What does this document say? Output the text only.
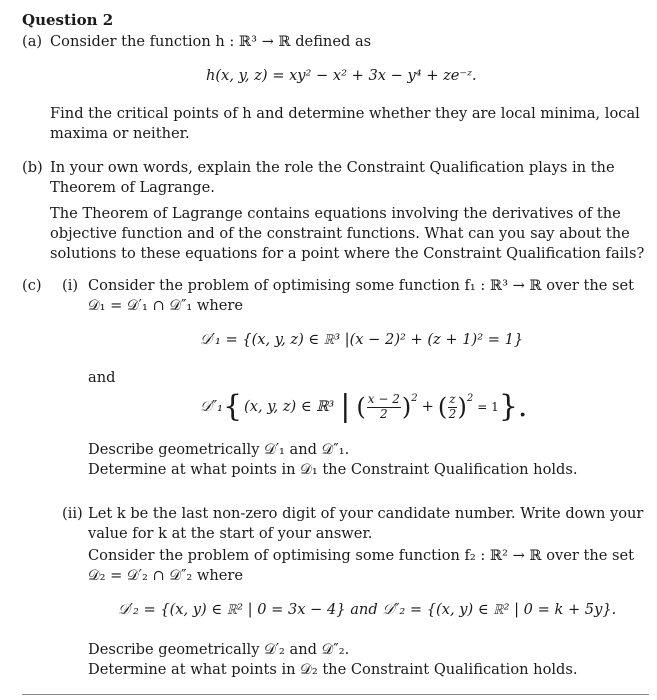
Question 2
(a) Consider the function h : ℝ³ → ℝ defined as
h(x, y, z) = xy² − x² + 3x − y⁴ + ze⁻ᶻ.
Find the critical points of h and determine whether they are local minima, local
maxima or neither.
(b) In your own words, explain the role the Constraint Qualification plays in the
Theorem of Lagrange.
The Theorem of Lagrange contains equations involving the derivatives of the
objective function and of the constraint functions. What can you say about the
solutions to these equations for a point where the Constraint Qualification fails?
(c) (i) Consider the problem of optimising some function f₁ : ℝ³ → ℝ over the set
𝒟₁ = 𝒟′₁ ∩ 𝒟″₁ where
𝒟′₁ = {(x, y, z) ∈ ℝ³ |(x − 2)² + (z + 1)² = 1}
and
𝒟″₁ { (x, y, z) ∈ ℝ³ | ( $\frac{x - 2}{2}$ ) 2 + ( $\frac{z}{2}$ ) 2
= 1 }.
Describe geometrically 𝒟′₁ and 𝒟″₁.
Determine at what points in 𝒟₁ the Constraint Qualification holds.
(ii) Let k be the last non-zero digit of your candidate number. Write down your
value for k at the start of your answer.
Consider the problem of optimising some function f₂ : ℝ² → ℝ over the set
𝒟₂ = 𝒟′₂ ∩ 𝒟″₂ where
𝒟′₂ = {(x, y) ∈ ℝ² | 0 = 3x − 4} and 𝒟″₂ = {(x, y) ∈ ℝ² | 0 = k + 5y}.
Describe geometrically 𝒟′₂ and 𝒟″₂.
Determine at what points in 𝒟₂ the Constraint Qualification holds.
